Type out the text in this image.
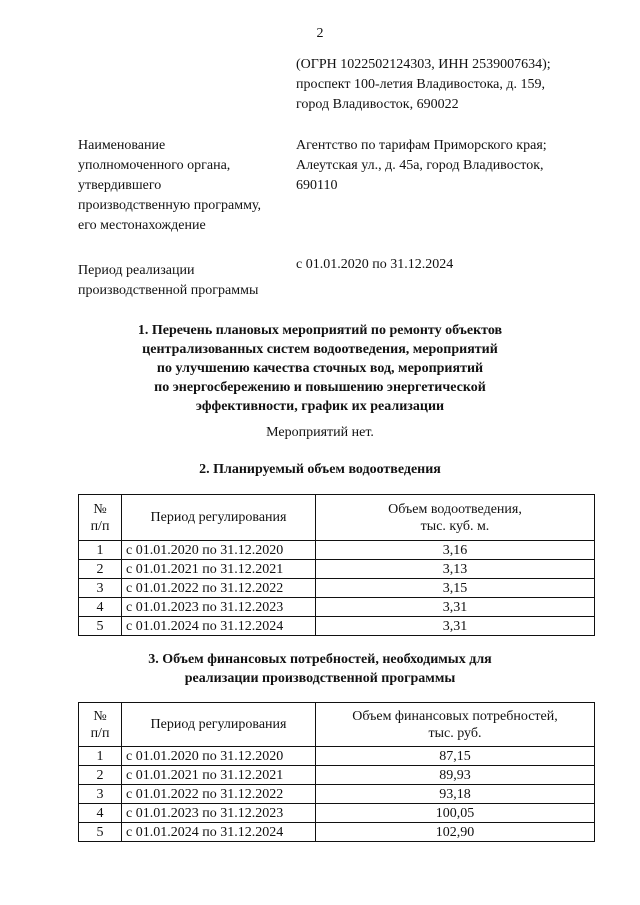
2
(ОГРН 1022502124303, ИНН 2539007634);
проспект 100-летия Владивостока, д. 159,
город Владивосток, 690022
Наименование
уполномоченного органа,
утвердившего
производственную программу,
его местонахождение
Агентство по тарифам Приморского края;
Алеутская ул., д. 45а, город Владивосток,
690110
Период реализации
производственной программы
с 01.01.2020 по 31.12.2024
1. Перечень плановых мероприятий по ремонту объектов
централизованных систем водоотведения, мероприятий
по улучшению качества сточных вод, мероприятий
по энергосбережению и повышению энергетической
эффективности, график их реализации
Мероприятий нет.
2. Планируемый объем водоотведения
№
п/п	Период регулирования	Объем водоотведения,
тыс. куб. м.

1	с 01.01.2020 по 31.12.2020	3,16
2	с 01.01.2021 по 31.12.2021	3,13
3	с 01.01.2022 по 31.12.2022	3,15
4	с 01.01.2023 по 31.12.2023	3,31
5	с 01.01.2024 по 31.12.2024	3,31
3. Объем финансовых потребностей, необходимых для
реализации производственной программы
№
п/п	Период регулирования	Объем финансовых потребностей,
тыс. руб.

1	с 01.01.2020 по 31.12.2020	87,15
2	с 01.01.2021 по 31.12.2021	89,93
3	с 01.01.2022 по 31.12.2022	93,18
4	с 01.01.2023 по 31.12.2023	100,05
5	с 01.01.2024 по 31.12.2024	102,90
